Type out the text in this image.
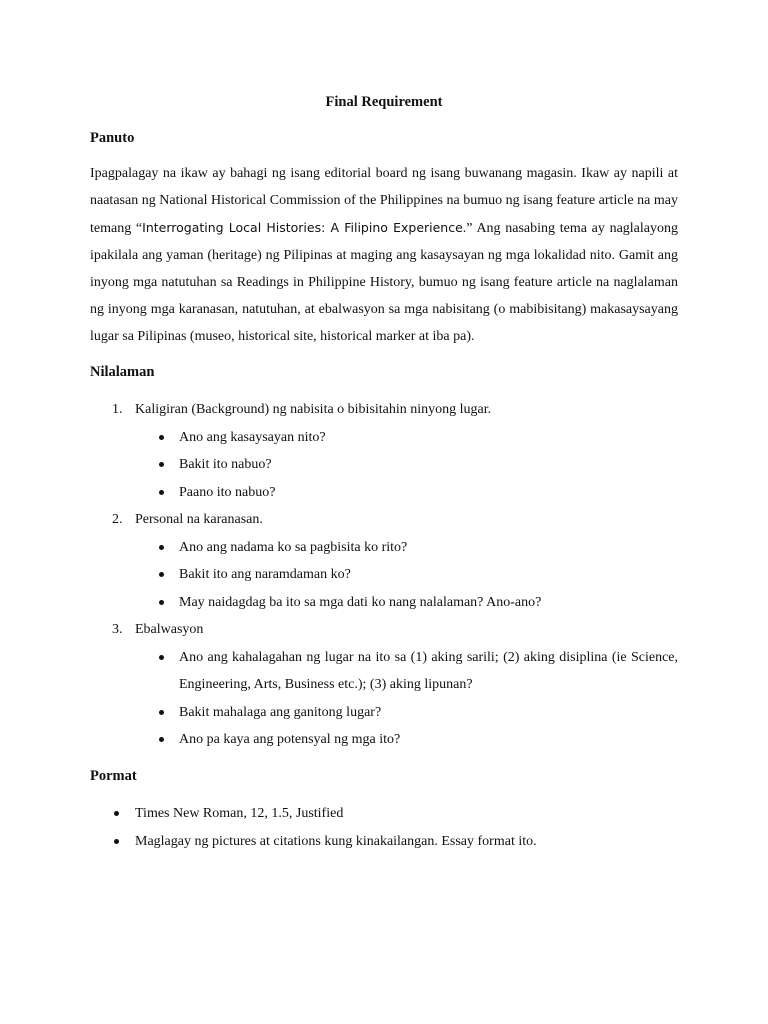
Final Requirement
Panuto

Ipagpalagay na ikaw ay bahagi ng isang editorial board ng isang buwanang magasin. Ikaw ay napili at naatasan ng National Historical Commission of the Philippines na bumuo ng isang feature article na may temang “Interrogating Local Histories: A Filipino Experience.” Ang nasabing tema ay naglalayong ipakilala ang yaman (heritage) ng Pilipinas at maging ang kasaysayan ng mga lokalidad nito. Gamit ang inyong mga natutuhan sa Readings in Philippine History, bumuo ng isang feature article na naglalaman ng inyong mga karanasan, natutuhan, at ebalwasyon sa mga nabisitang (o mabibisitang) makasaysayang lugar sa Pilipinas (museo, historical site, historical marker at iba pa).

Nilalaman
1. Kaligiran (Background) ng nabisita o bibisitahin ninyong lugar.
Ano ang kasaysayan nito?
Bakit ito nabuo?
Paano ito nabuo?
2. Personal na karanasan.
Ano ang nadama ko sa pagbisita ko rito?
Bakit ito ang naramdaman ko?
May naidagdag ba ito sa mga dati ko nang nalalaman? Ano-ano?
3. Ebalwasyon
Ano ang kahalagahan ng lugar na ito sa (1) aking sarili; (2) aking disiplina (ie Science, Engineering, Arts, Business etc.); (3) aking lipunan?
Bakit mahalaga ang ganitong lugar?
Ano pa kaya ang potensyal ng mga ito?
Pormat
Times New Roman, 12, 1.5, Justified
Maglagay ng pictures at citations kung kinakailangan. Essay format ito.
